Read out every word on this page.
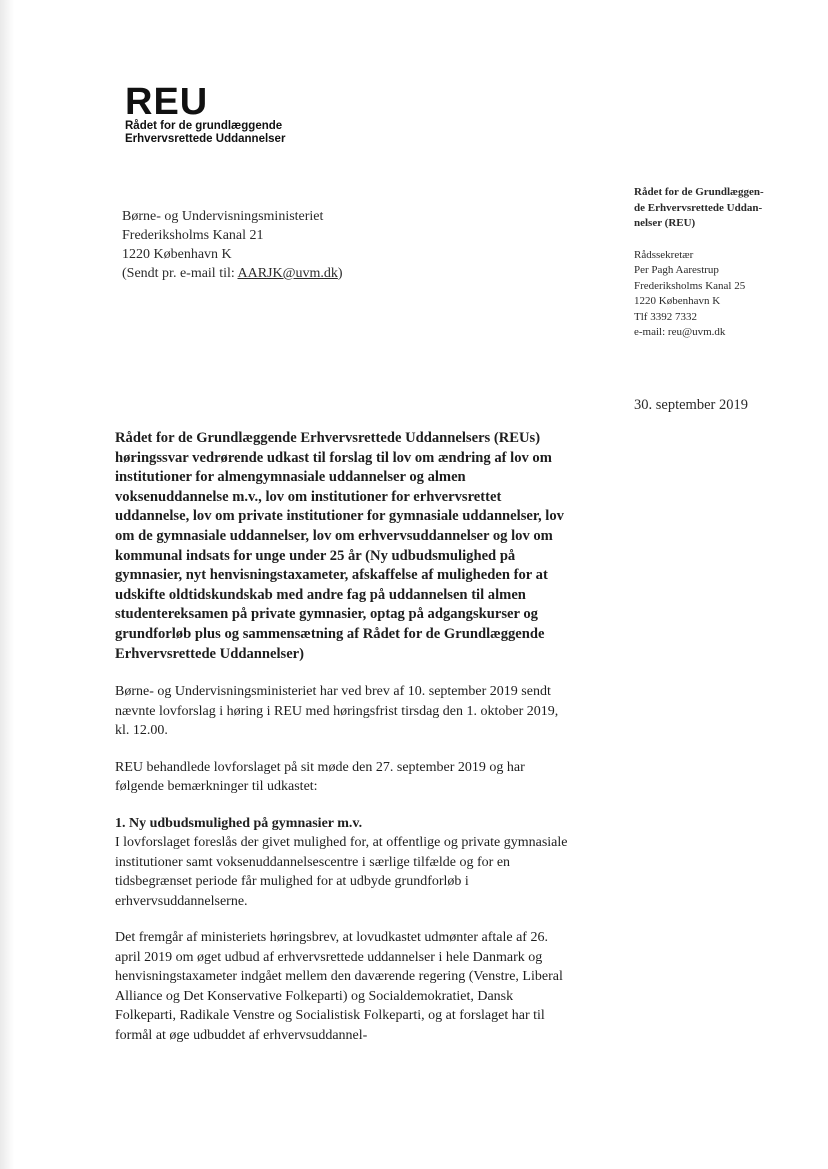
REU
Rådet for de grundlæggende
Erhvervsrettede Uddannelser
Børne- og Undervisningsministeriet
Frederiksholms Kanal 21
1220 København K
(Sendt pr. e-mail til: AARJK@uvm.dk)
Rådet for de Grundlæggen-
de Erhvervsrettede Uddan-
nelser (REU)
Rådssekretær
Per Pagh Aarestrup
Frederiksholms Kanal 25
1220 København K
Tlf 3392 7332
e-mail: reu@uvm.dk
30. september 2019

Rådet for de Grundlæggende Erhvervsrettede Uddannelsers (REUs) høringssvar vedrørende udkast til forslag til lov om ændring af lov om institutioner for almengymnasiale uddannelser og almen voksenuddannelse m.v., lov om institutioner for erhvervsrettet uddannelse, lov om private institutioner for gymnasiale uddannelser, lov om de gymnasiale uddannelser, lov om erhvervsuddannelser og lov om kommunal indsats for unge under 25 år (Ny udbudsmulighed på gymnasier, nyt henvisningstaxameter, afskaffelse af muligheden for at udskifte oldtidskundskab med andre fag på uddannelsen til almen studentereksamen på private gymnasier, optag på adgangskurser og grundforløb plus og sammensætning af Rådet for de Grundlæggende Erhvervsrettede Uddannelser)

Børne- og Undervisningsministeriet har ved brev af 10. september 2019 sendt nævnte lovforslag i høring i REU med høringsfrist tirsdag den 1. oktober 2019, kl. 12.00.

REU behandlede lovforslaget på sit møde den 27. september 2019 og har følgende bemærkninger til udkastet:

1. Ny udbudsmulighed på gymnasier m.v.
I lovforslaget foreslås der givet mulighed for, at offentlige og private gymnasiale institutioner samt voksenuddannelsescentre i særlige tilfælde og for en tidsbegrænset periode får mulighed for at udbyde grundforløb i erhvervsuddannelserne.

Det fremgår af ministeriets høringsbrev, at lovudkastet udmønter aftale af 26. april 2019 om øget udbud af erhvervsrettede uddannelser i hele Danmark og henvisningstaxameter indgået mellem den daværende regering (Venstre, Liberal Alliance og Det Konservative Folkeparti) og Socialdemokratiet, Dansk Folkeparti, Radikale Venstre og Socialistisk Folkeparti, og at forslaget har til formål at øge udbuddet af erhvervsuddannel-
